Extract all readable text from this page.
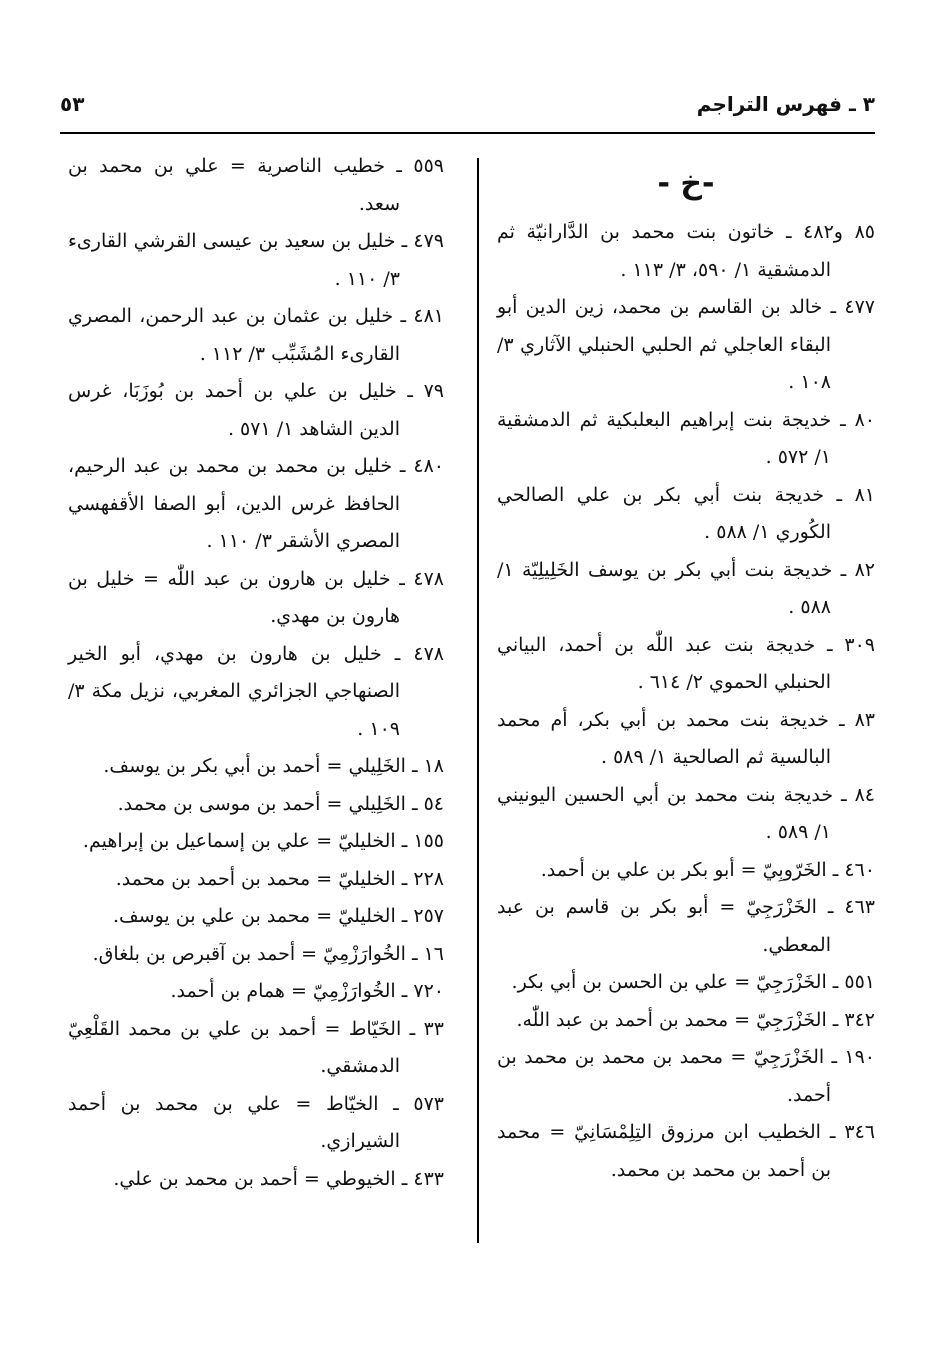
٣ ـ فهرس التراجم
٥٣
-خ -
٨٥ و٤٨٢ ـ خاتون بنت محمد بن الدَّارانيّة ثم الدمشقية ١/ ٥٩٠، ٣/ ١١٣ .
٤٧٧ ـ خالد بن القاسم بن محمد، زين الدين أبو البقاء العاجلي ثم الحلبي الحنبلي الآثاري ٣/ ١٠٨ .
٨٠ ـ خديجة بنت إبراهيم البعلبكية ثم الدمشقية ١/ ٥٧٢ .
٨١ ـ خديجة بنت أبي بكر بن علي الصالحي الكُوري ١/ ٥٨٨ .
٨٢ ـ خديجة بنت أبي بكر بن يوسف الخَلِيلِيّة ١/ ٥٨٨ .
٣٠٩ ـ خديجة بنت عبد اللّٰه بن أحمد، البياني الحنبلي الحموي ٢/ ٦١٤ .
٨٣ ـ خديجة بنت محمد بن أبي بكر، أم محمد البالسية ثم الصالحية ١/ ٥٨٩ .
٨٤ ـ خديجة بنت محمد بن أبي الحسين اليونيني ١/ ٥٨٩ .
٤٦٠ ـ الخَرّوبِيّ = أبو بكر بن علي بن أحمد.
٤٦٣ ـ الخَزْرَجِيّ = أبو بكر بن قاسم بن عبد المعطي.
٥٥١ ـ الخَزْرَجِيّ = علي بن الحسن بن أبي بكر.
٣٤٢ ـ الخَزْرَجِيّ = محمد بن أحمد بن عبد اللّٰه.
١٩٠ ـ الخَزْرَجِيّ = محمد بن محمد بن محمد بن أحمد.
٣٤٦ ـ الخطيب ابن مرزوق التِلِمْسَانِيّ = محمد بن أحمد بن محمد بن محمد.
٥٥٩ ـ خطيب الناصرية = علي بن محمد بن سعد.
٤٧٩ ـ خليل بن سعيد بن عيسى القرشي القارىء ٣/ ١١٠ .
٤٨١ ـ خليل بن عثمان بن عبد الرحمن، المصري القارىء المُشَبِّب ٣/ ١١٢ .
٧٩ ـ خليل بن علي بن أحمد بن بُوزَبَا، غرس الدين الشاهد ١/ ٥٧١ .
٤٨٠ ـ خليل بن محمد بن محمد بن عبد الرحيم، الحافظ غرس الدين، أبو الصفا الأقفهسي المصري الأشقر ٣/ ١١٠ .
٤٧٨ ـ خليل بن هارون بن عبد اللّٰه = خليل بن هارون بن مهدي.
٤٧٨ ـ خليل بن هارون بن مهدي، أبو الخير الصنهاجي الجزائري المغربي، نزيل مكة ٣/ ١٠٩ .
١٨ ـ الخَلِيلي = أحمد بن أبي بكر بن يوسف.
٥٤ ـ الخَلِيلي = أحمد بن موسى بن محمد.
١٥٥ ـ الخليليّ = علي بن إسماعيل بن إبراهيم.
٢٢٨ ـ الخليليّ = محمد بن أحمد بن محمد.
٢٥٧ ـ الخليليّ = محمد بن علي بن يوسف.
١٦ ـ الخُوارَزْمِيّ = أحمد بن آقبرص بن بلغاق.
٧٢٠ ـ الخُوارَزْمِيّ = همام بن أحمد.
٣٣ ـ الخَيّاط = أحمد بن علي بن محمد القَلْعِيّ الدمشقي.
٥٧٣ ـ الخيّاط = علي بن محمد بن أحمد الشيرازي.
٤٣٣ ـ الخيوطي = أحمد بن محمد بن علي.
